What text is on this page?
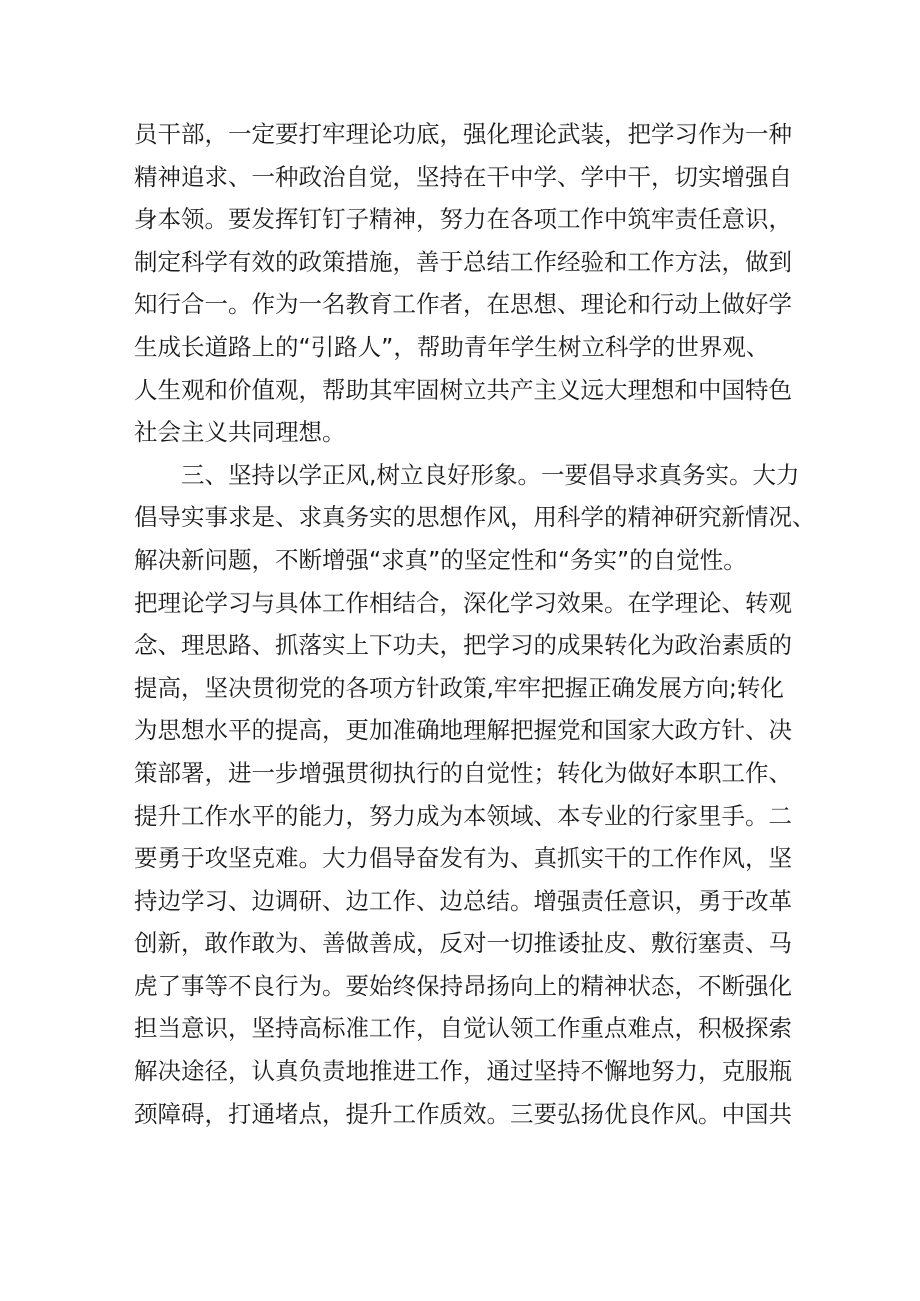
员干部，一定要打牢理论功底，强化理论武装，把学习作为一种
精神追求、一种政治自觉，坚持在干中学、学中干，切实增强自
身本领。要发挥钉钉子精神，努力在各项工作中筑牢责任意识，
制定科学有效的政策措施，善于总结工作经验和工作方法，做到
知行合一。作为一名教育工作者，在思想、理论和行动上做好学
生成长道路上的“引路人”，帮助青年学生树立科学的世界观、
人生观和价值观，帮助其牢固树立共产主义远大理想和中国特色
社会主义共同理想。
三、坚持以学正风,树立良好形象。一要倡导求真务实。大力
倡导实事求是、求真务实的思想作风，用科学的精神研究新情况、
解决新问题，不断增强“求真”的坚定性和“务实”的自觉性。
把理论学习与具体工作相结合，深化学习效果。在学理论、转观
念、理思路、抓落实上下功夫，把学习的成果转化为政治素质的
提高，坚决贯彻党的各项方针政策,牢牢把握正确发展方向;转化
为思想水平的提高，更加准确地理解把握党和国家大政方针、决
策部署，进一步增强贯彻执行的自觉性；转化为做好本职工作、
提升工作水平的能力，努力成为本领域、本专业的行家里手。二
要勇于攻坚克难。大力倡导奋发有为、真抓实干的工作作风，坚
持边学习、边调研、边工作、边总结。增强责任意识，勇于改革
创新，敢作敢为、善做善成，反对一切推诿扯皮、敷衍塞责、马
虎了事等不良行为。要始终保持昂扬向上的精神状态，不断强化
担当意识，坚持高标准工作，自觉认领工作重点难点，积极探索
解决途径，认真负责地推进工作，通过坚持不懈地努力，克服瓶
颈障碍，打通堵点，提升工作质效。三要弘扬优良作风。中国共
